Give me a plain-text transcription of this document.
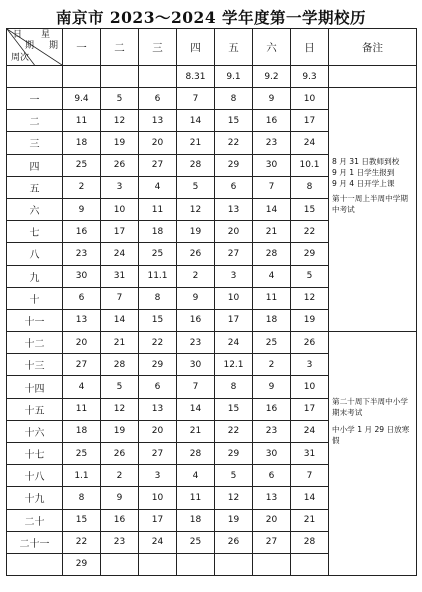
南京市 2023～2024 学年度第一学期校历
日 星
期 期
周次	一	二	三	四	五	六	日	备注
				8.31	9.1	9.2	9.3	
一	9.4	5	6	7	8	9	10	8 月 31 日教师到校
9 月 1 日学生报到
9 月 4 日开学上课
第十一周上半周中学期中考试

二	11	12	13	14	15	16	17	
三	18	19	20	21	22	23	24	
四	25	26	27	28	29	30	10.1	
五	2	3	4	5	6	7	8	
六	9	10	11	12	13	14	15	
七	16	17	18	19	20	21	22	
八	23	24	25	26	27	28	29	
九	30	31	11.1	2	3	4	5	
十	6	7	8	9	10	11	12	
十一	13	14	15	16	17	18	19	
十二	20	21	22	23	24	25	26	第二十周下半周中小学期末考试
中小学 1 月 29 日放寒假

十三	27	28	29	30	12.1	2	3	
十四	4	5	6	7	8	9	10	
十五	11	12	13	14	15	16	17	
十六	18	19	20	21	22	23	24	
十七	25	26	27	28	29	30	31	
十八	1.1	2	3	4	5	6	7	
十九	8	9	10	11	12	13	14	
二十	15	16	17	18	19	20	21	
二十一	22	23	24	25	26	27	28	
	29							
